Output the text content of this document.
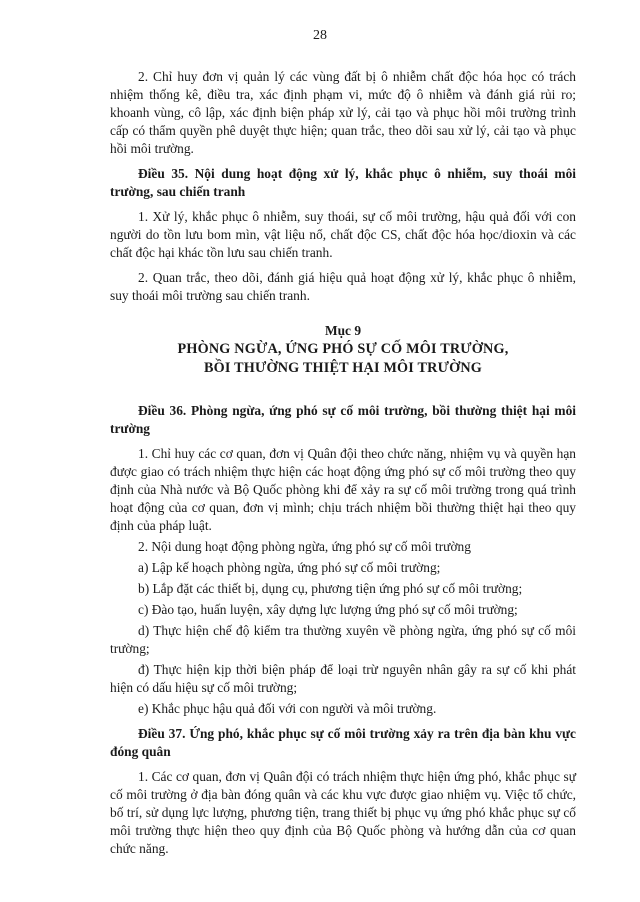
28

2. Chỉ huy đơn vị quản lý các vùng đất bị ô nhiễm chất độc hóa học có trách nhiệm thống kê, điều tra, xác định phạm vi, mức độ ô nhiễm và đánh giá rủi ro; khoanh vùng, cô lập, xác định biện pháp xử lý, cải tạo và phục hồi môi trường trình cấp có thẩm quyền phê duyệt thực hiện; quan trắc, theo dõi sau xử lý, cải tạo và phục hồi môi trường.

Điều 35. Nội dung hoạt động xử lý, khắc phục ô nhiễm, suy thoái môi trường, sau chiến tranh

1. Xử lý, khắc phục ô nhiễm, suy thoái, sự cố môi trường, hậu quả đối với con người do tồn lưu bom mìn, vật liệu nổ, chất độc CS, chất độc hóa học/dioxin và các chất độc hại khác tồn lưu sau chiến tranh.

2. Quan trắc, theo dõi, đánh giá hiệu quả hoạt động xử lý, khắc phục ô nhiễm, suy thoái môi trường sau chiến tranh.

Mục 9
PHÒNG NGỪA, ỨNG PHÓ SỰ CỐ MÔI TRƯỜNG,
BỒI THƯỜNG THIỆT HẠI MÔI TRƯỜNG
Điều 36. Phòng ngừa, ứng phó sự cố môi trường, bồi thường thiệt hại môi trường

1. Chỉ huy các cơ quan, đơn vị Quân đội theo chức năng, nhiệm vụ và quyền hạn được giao có trách nhiệm thực hiện các hoạt động ứng phó sự cố môi trường theo quy định của Nhà nước và Bộ Quốc phòng khi để xảy ra sự cố môi trường trong quá trình hoạt động của cơ quan, đơn vị mình; chịu trách nhiệm bồi thường thiệt hại theo quy định của pháp luật.

2. Nội dung hoạt động phòng ngừa, ứng phó sự cố môi trường

a) Lập kế hoạch phòng ngừa, ứng phó sự cố môi trường;

b) Lắp đặt các thiết bị, dụng cụ, phương tiện ứng phó sự cố môi trường;

c) Đào tạo, huấn luyện, xây dựng lực lượng ứng phó sự cố môi trường;

d) Thực hiện chế độ kiểm tra thường xuyên về phòng ngừa, ứng phó sự cố môi trường;

đ) Thực hiện kịp thời biện pháp để loại trừ nguyên nhân gây ra sự cố khi phát hiện có dấu hiệu sự cố môi trường;

e) Khắc phục hậu quả đối với con người và môi trường.

Điều 37. Ứng phó, khắc phục sự cố môi trường xảy ra trên địa bàn khu vực đóng quân

1. Các cơ quan, đơn vị Quân đội có trách nhiệm thực hiện ứng phó, khắc phục sự cố môi trường ở địa bàn đóng quân và các khu vực được giao nhiệm vụ. Việc tổ chức, bố trí, sử dụng lực lượng, phương tiện, trang thiết bị phục vụ ứng phó khắc phục sự cố môi trường thực hiện theo quy định của Bộ Quốc phòng và hướng dẫn của cơ quan chức năng.
